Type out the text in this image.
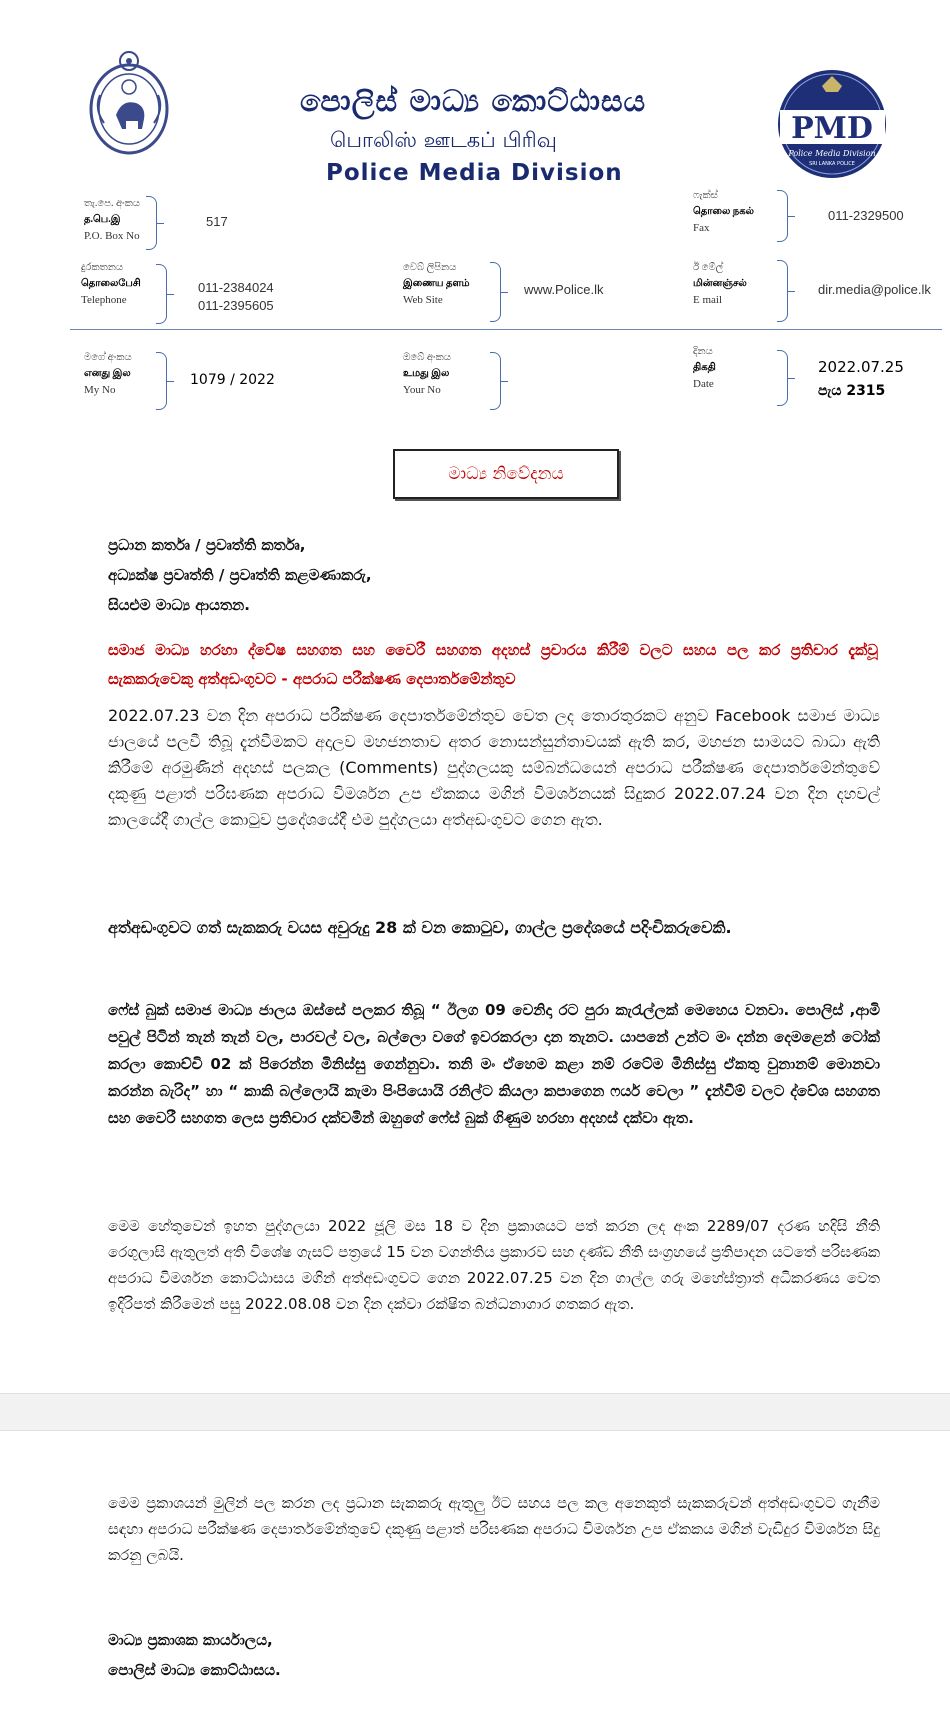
පොලිස් මාධ්‍ය කොට්ඨාසය
பொலிஸ் ஊடகப் பிரிவு
Police Media Division
PMD
Police Media Division
SRI LANKA POLICE
තැ.පෙ. අංකය
த.பெ.இ
P.O. Box No
517
ෆැක්ස්
தொலை நகல்
Fax
011-2329500
දුරකතනය
தொலைபேசி
Telephone
011-2384024
011-2395605
වෙබ් ලිපිනය
இணைய தளம்
Web Site
www.Police.lk
ඊ මේල්
மின்னஞ்சல்
E mail
dir.media@police.lk
මගේ අංකය
எனது இல
My No
1079 / 2022
ඔබේ අංකය
உமது இல
Your No
දිනය
திகதி
Date
2022.07.25
පැය 2315
මාධ්‍ය නිවේදනය
ප්‍රධාන කර්තෘ / ප්‍රවෘත්ති කර්තෘ,
අධ්‍යක්ෂ ප්‍රවෘත්ති / ප්‍රවෘත්ති කළමණාකරු,
සියළුම මාධ්‍ය ආයතන.
සමාජ මාධ්‍ය හරහා ද්වේෂ සහගත සහ වෛරී සහගත අදහස් ප්‍රචාරය කිරීම් වලට සහය පල කර ප්‍රතිචාර දැක්වූ සැකකරුවෙකු අත්අඩංගුවට - අපරාධ පරීක්ෂණ දෙපාර්තමේන්තුව
2022.07.23 වන දින අපරාධ පරීක්ෂණ දෙපාර්තමේන්තුව වෙත ලද තොරතුරකට අනුව Facebook සමාජ මාධ්‍ය ජාලයේ පලවී තිබූ දැන්වීමකට අදාලව මහජනතාව අතර නොසන්සුන්තාවයක් ඇති කර, මහජන සාමයට බාධා ඇති කිරීමේ අරමුණින් අදහස් පලකල (Comments) පුද්ගලයකු සම්බන්ධයෙන් අපරාධ පරීක්ෂණ දෙපාර්තමේන්තුවේ දකුණු පළාත් පරිඝණක අපරාධ විමර්ශන උප ඒකකය මගින් විමර්ශනයක් සිදුකර 2022.07.24 වන දින දහවල් කාලයේදී ගාල්ල කොටුව ප්‍රදේශයේදී එම පුද්ගලයා අත්අඩංගුවට ගෙන ඇත.
අත්අඩංගුවට ගත් සැකකරු වයස අවුරුදු 28 ක් වන කොටුව, ගාල්ල ප්‍රදේශයේ පදිංචිකරුවෙකි.
ෆේස් බුක් සමාජ මාධ්‍ය ජාලය ඔස්සේ පලකර තිබූ “ ඊලග 09 වෙනිදා රට පුරා කැරැල්ලක් මෙහෙය වනවා. පොලිස් ,ආමි පවුල් පිටින් තැන් තැන් වල, පාරවල් වල, බල්ලො වගේ ඉවරකරලා දාන තැනට. යාපනේ උන්ට මං දන්න දෙමළෙන් ටෝක් කරලා කොච්චි 02 ක් පිරෙන්න මිනිස්සු ගෙන්නුවා. තනි මං ඒහෙම කළා නම් රටේම මිනිස්සු ඒකතු වුනානම් මොනවා කරන්න බැරිද” හා “ කාකි බල්ලොයි කැමා පිංපියොයි රනිල්ට කියලා කපාගෙන ෆයර් වෙලා ” දැන්වීම් වලට ද්වේශ සහගත සහ වෛරී සහගත ලෙස ප්‍රතිචාර දක්වමින් ඔහුගේ ෆේස් බුක් ගිණුම හරහා අදහස් දක්වා ඇත.
මෙම හේතුවෙන් ඉහත පුද්ගලයා 2022 ජූලි මස 18 ව දින ප්‍රකාශයට පත් කරන ලද අංක 2289/07 දරණ හදිසි නීති රෙගුලාසි ඇතුලත් අති විශේෂ ගැසට් පත්‍රයේ 15 වන වගන්තිය ප්‍රකාරව සහ දණ්ඩ නීති සංග්‍රහයේ ප්‍රතිපාදන යටතේ පරිඝණක අපරාධ විමර්ශන කොට්ඨාසය මගින් අත්අඩංගුවට ගෙන 2022.07.25 වන දින ගාල්ල ගරු මහේස්ත්‍රාත් අධිකරණය වෙත ඉදිරිපත් කිරීමෙන් පසු 2022.08.08 වන දින දක්වා රක්ෂිත බන්ධනාගාර ගතකර ඇත.
මෙම ප්‍රකාශයන් මුලින් පල කරන ලද ප්‍රධාන සැකකරු ඇතුලු ඊට සහය පල කල අනෙකුත් සැකකරුවන් අත්අඩංගුවට ගැනීම සඳහා අපරාධ පරීක්ෂණ දෙපාර්තමේන්තුවේ දකුණු පළාත් පරිඝණක අපරාධ විමර්ශන උප ඒකකය මගින් වැඩිදුර විමර්ශන සිදු කරනු ලබයි.
මාධ්‍ය ප්‍රකාශක කාර්යාලය,
පොලිස් මාධ්‍ය කොට්ඨාසය.
